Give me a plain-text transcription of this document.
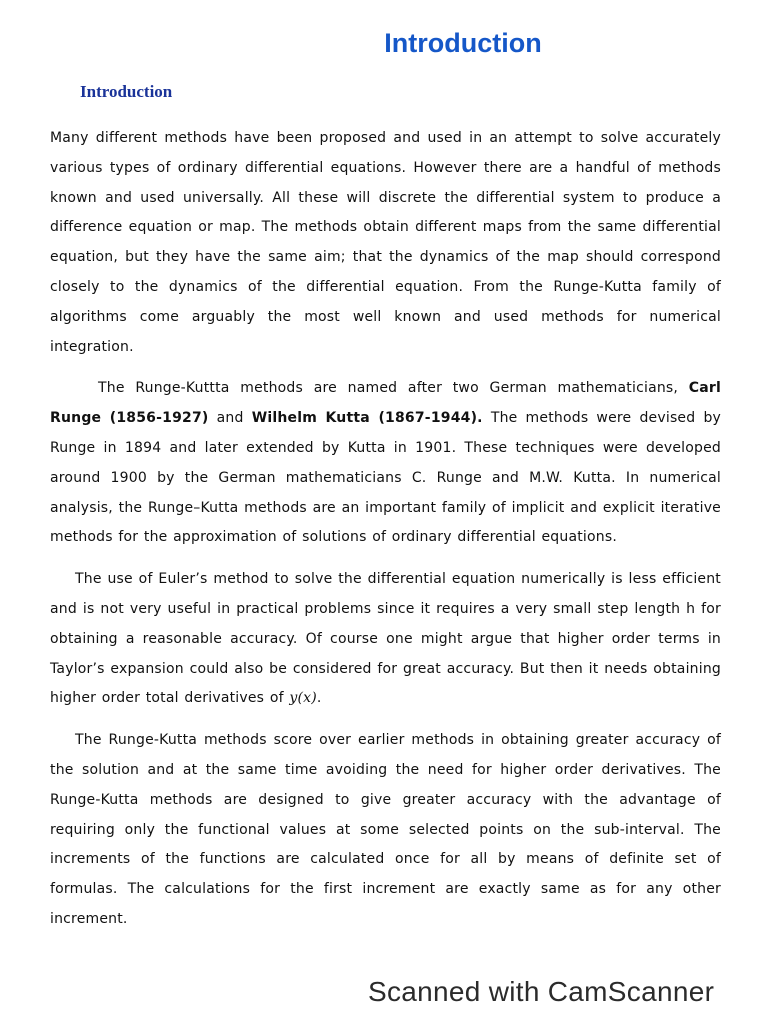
Introduction
Introduction

Many different methods have been proposed and used in an attempt to solve accurately various types of ordinary differential equations. However there are a handful of methods known and used universally. All these will discrete the differential system to produce a difference equation or map. The methods obtain different maps from the same differential equation, but they have the same aim; that the dynamics of the map should correspond closely to the dynamics of the differential equation. From the Runge-Kutta family of algorithms come arguably the most well known and used methods for numerical integration.

The Runge-Kuttta methods are named after two German mathematicians, Carl Runge (1856-1927) and Wilhelm Kutta (1867-1944). The methods were devised by Runge in 1894 and later extended by Kutta in 1901. These techniques were developed around 1900 by the German mathematicians C. Runge and M.W. Kutta. In numerical analysis, the Runge–Kutta methods are an important family of implicit and explicit iterative methods for the approximation of solutions of ordinary differential equations.

The use of Euler’s method to solve the differential equation numerically is less efficient and is not very useful in practical problems since it requires a very small step length h for obtaining a reasonable accuracy. Of course one might argue that higher order terms in Taylor’s expansion could also be considered for great accuracy. But then it needs obtaining higher order total derivatives of y(x).

The Runge-Kutta methods score over earlier methods in obtaining greater accuracy of the solution and at the same time avoiding the need for higher order derivatives. The Runge-Kutta methods are designed to give greater accuracy with the advantage of requiring only the functional values at some selected points on the sub-interval. The increments of the functions are calculated once for all by means of definite set of formulas. The calculations for the first increment are exactly same as for any other increment.

Scanned with CamScanner
